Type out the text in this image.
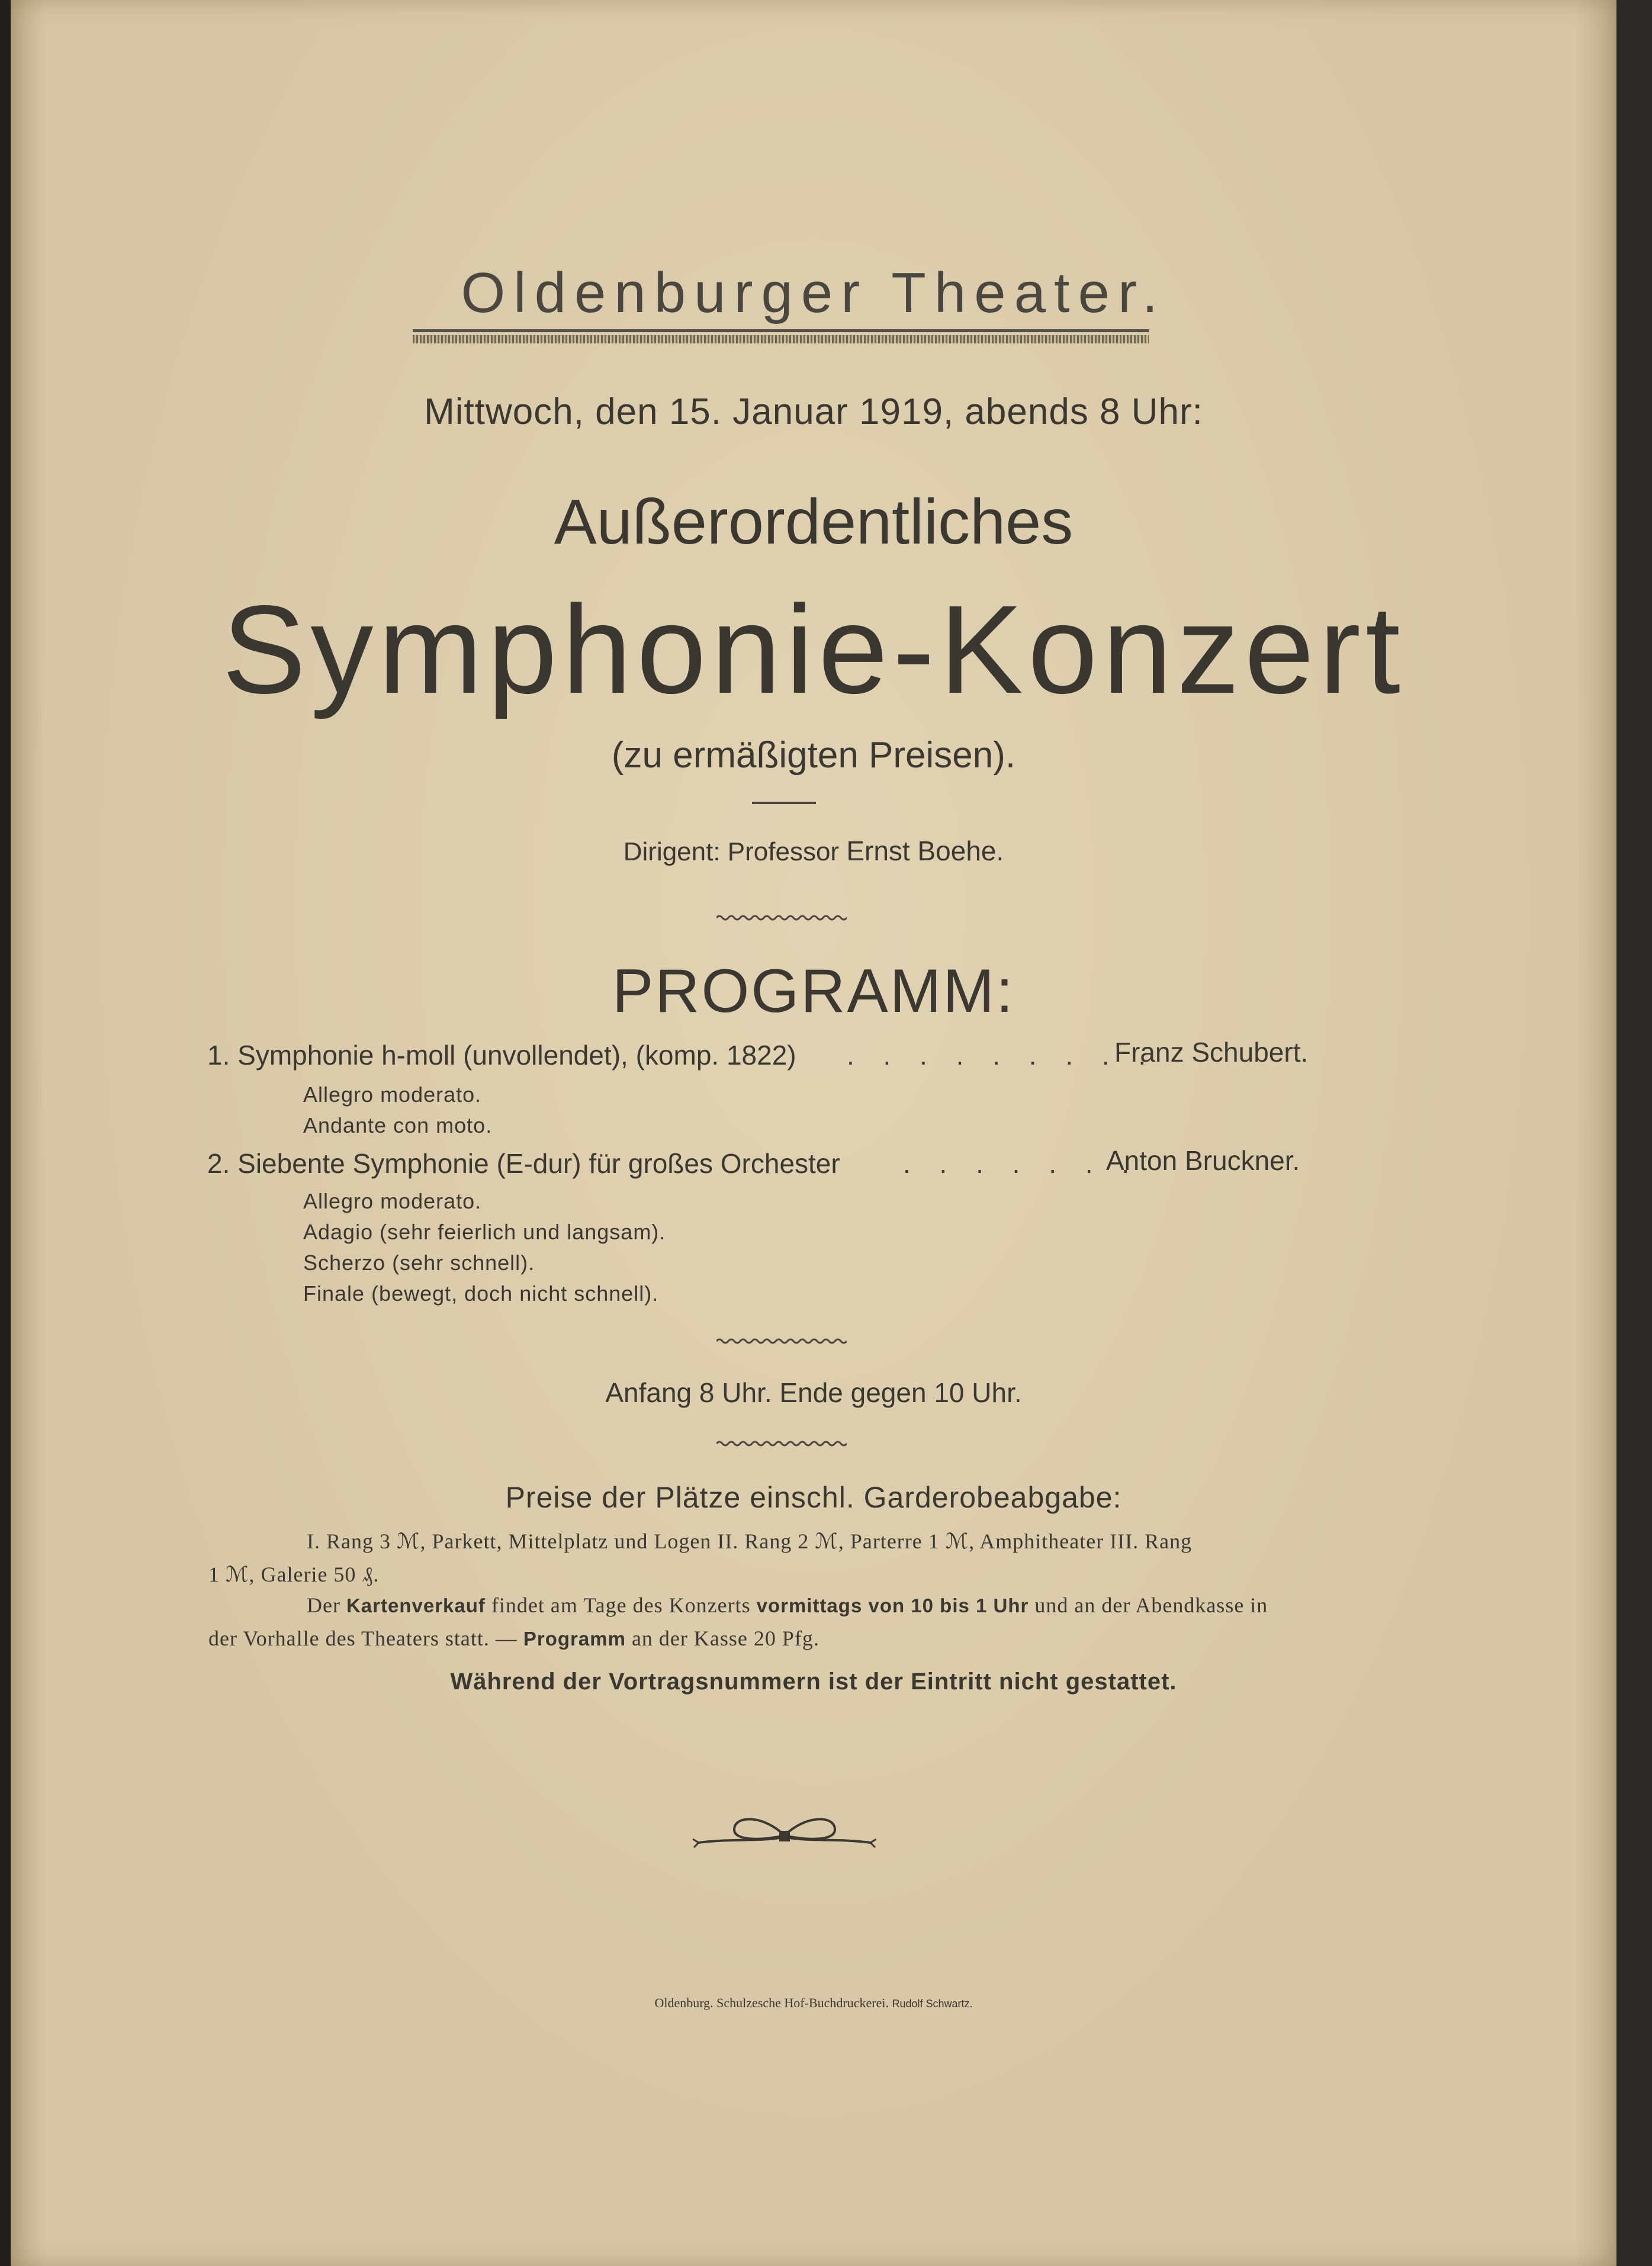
Oldenburger Theater.
Mittwoch, den 15. Januar 1919, abends 8 Uhr:
Außerordentliches
Symphonie-Konzert
(zu ermäßigten Preisen).
Dirigent: Professor Ernst Boehe.
PROGRAMM:
1. Symphonie h-moll (unvollendet), (komp. 1822) . . . . . . . . .
Franz Schubert.
Allegro moderato.
Andante con moto.
2. Siebente Symphonie (E-dur) für großes Orchester . . . . . . .
Anton Bruckner.
Allegro moderato.
Adagio (sehr feierlich und langsam).
Scherzo (sehr schnell).
Finale (bewegt, doch nicht schnell).
Anfang 8 Uhr. Ende gegen 10 Uhr.
Preise der Plätze einschl. Garderobeabgabe:
I. Rang 3 ℳ, Parkett, Mittelplatz und Logen II. Rang 2 ℳ, Parterre 1 ℳ, Amphitheater III. Rang
1 ℳ, Galerie 50 ₰.
Der Kartenverkauf findet am Tage des Konzerts vormittags von 10 bis 1 Uhr und an der Abendkasse in
der Vorhalle des Theaters statt. — Programm an der Kasse 20 Pfg.
Während der Vortragsnummern ist der Eintritt nicht gestattet.
Oldenburg. Schulzesche Hof-Buchdruckerei. Rudolf Schwartz.
